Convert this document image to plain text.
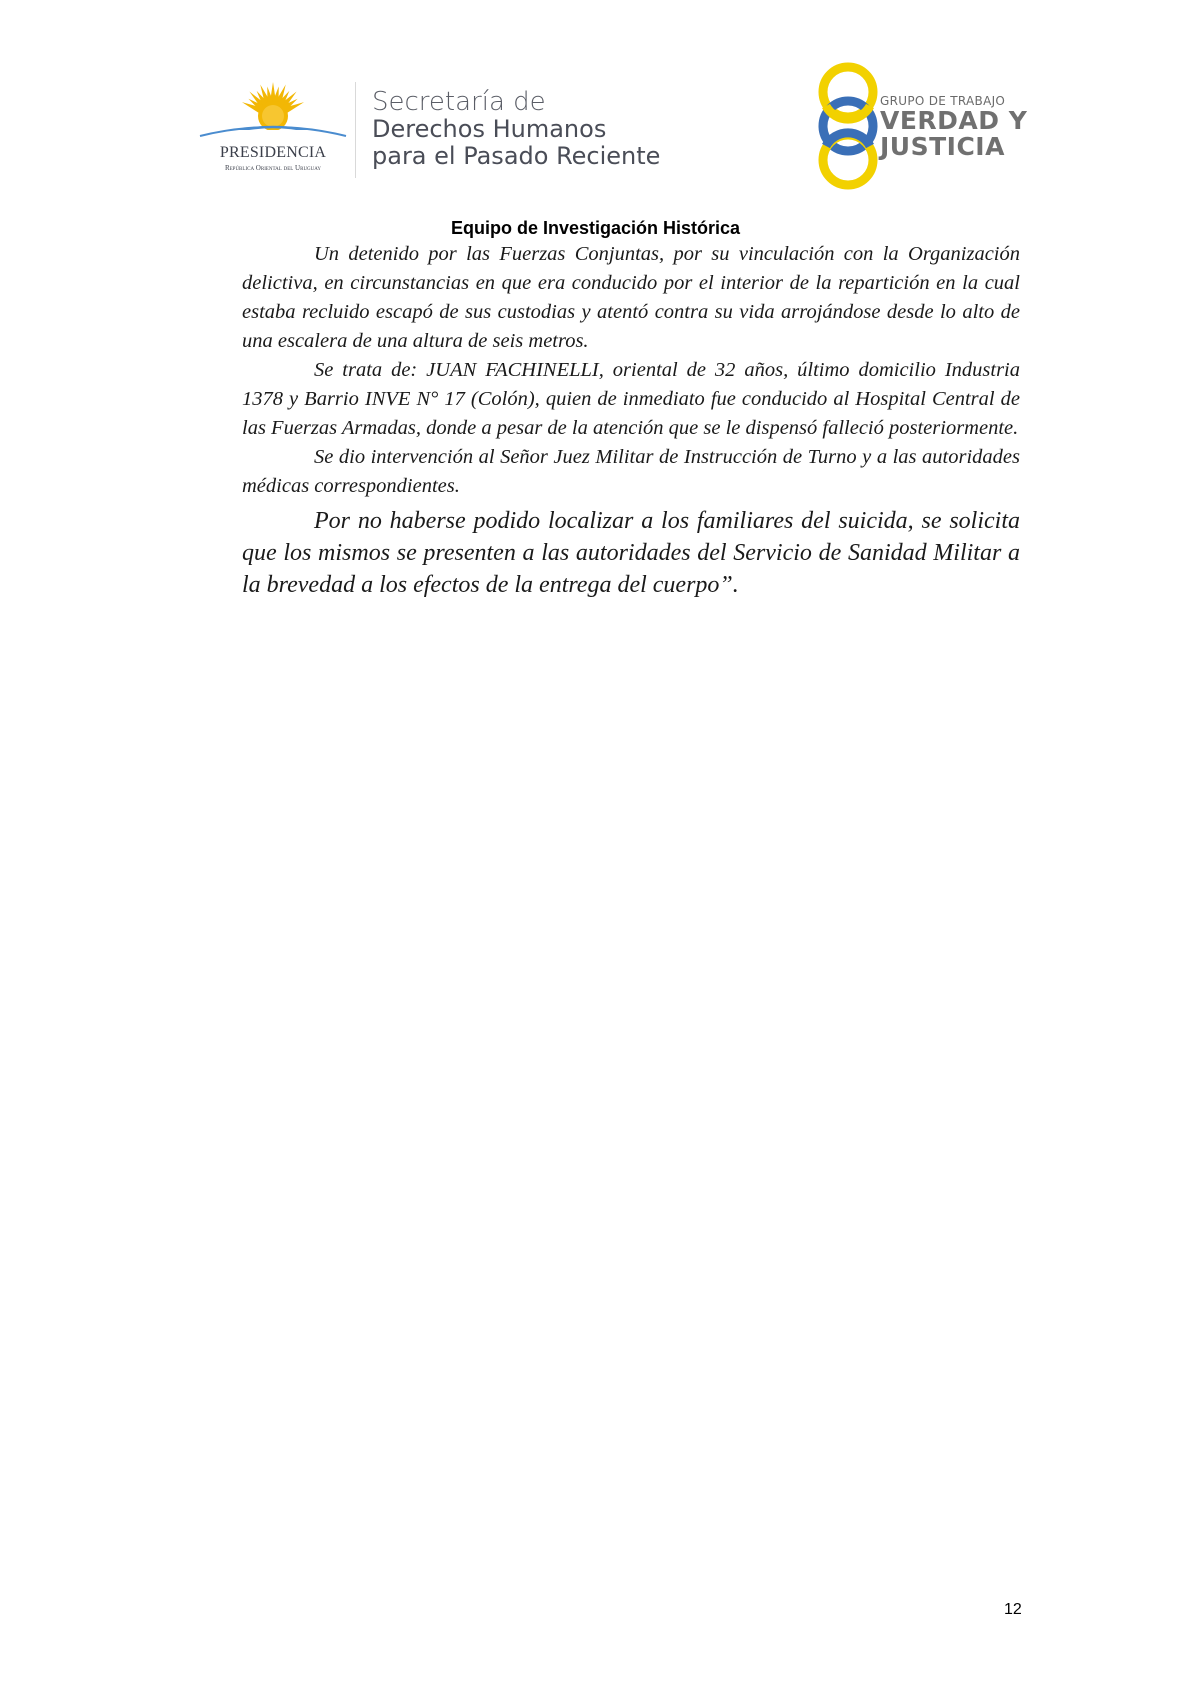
PRESIDENCIA
República Oriental del Uruguay
Secretaría de
Derechos Humanos
para el Pasado Reciente
GRUPO DE TRABAJO
VERDAD Y
JUSTICIA
Equipo de Investigación Histórica

Un detenido por las Fuerzas Conjuntas, por su vinculación con la Organización delictiva, en circunstancias en que era conducido por el interior de la repartición en la cual estaba recluido escapó de sus custodias y atentó contra su vida arrojándose desde lo alto de una escalera de una altura de seis metros.

Se trata de: JUAN FACHINELLI, oriental de 32 años, último domicilio Industria 1378 y Barrio INVE N° 17 (Colón), quien de inmediato fue conducido al Hospital Central de las Fuerzas Armadas, donde a pesar de la atención que se le dispensó falleció posteriormente.

Se dio intervención al Señor Juez Militar de Instrucción de Turno y a las autoridades médicas correspondientes.

Por no haberse podido localizar a los familiares del suicida, se solicita que los mismos se presenten a las autoridades del Servicio de Sanidad Militar a la brevedad a los efectos de la entrega del cuerpo”.

12
